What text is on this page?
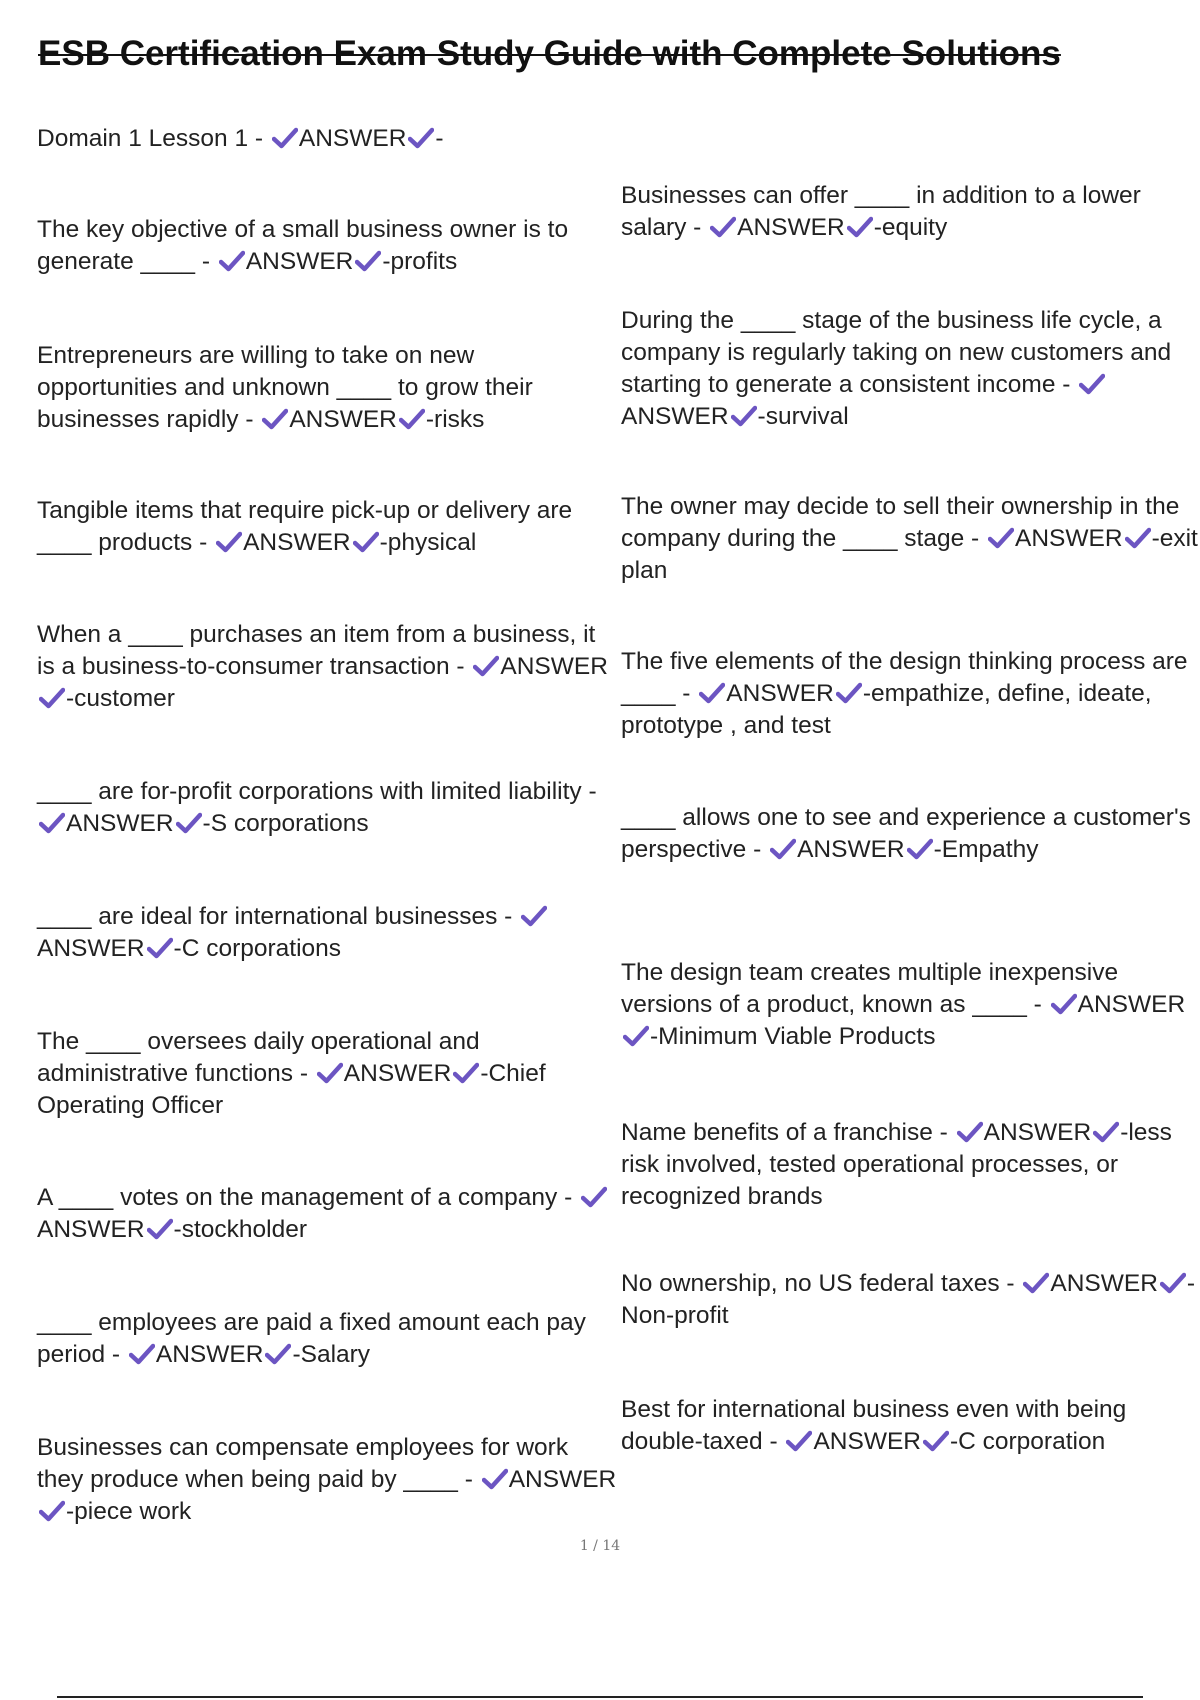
ESB Certification Exam Study Guide with Complete Solutions

Domain 1 Lesson 1 -
ANSWER -

The key objective of a small business owner is to generate ____ -
ANSWER -profits

Entrepreneurs are willing to take on new opportunities and unknown ____ to grow their businesses rapidly -
ANSWER -risks

Tangible items that require pick-up or delivery are ____ products -
ANSWER -physical

When a ____ purchases an item from a business, it is a business-to-consumer transaction -
ANSWER
-customer

____ are for-profit corporations with limited liability -
ANSWER -S corporations

____ are ideal for international businesses -
ANSWER -C corporations

The ____ oversees daily operational and administrative functions -
ANSWER -Chief Operating Officer

A ____ votes on the management of a company -
ANSWER -stockholder

____ employees are paid a fixed amount each pay period -
ANSWER -Salary

Businesses can compensate employees for work they produce when being paid by ____ -
ANSWER
-piece work

Businesses can offer ____ in addition to a lower salary -
ANSWER -equity

During the ____ stage of the business life cycle, a company is regularly taking on new customers and starting to generate a consistent income -
ANSWER -survival

The owner may decide to sell their ownership in the company during the ____ stage -
ANSWER -exit plan

The five elements of the design thinking process are ____ -
ANSWER -empathize, define, ideate, prototype , and test

____ allows one to see and experience a customer's perspective -
ANSWER -Empathy

The design team creates multiple inexpensive versions of a product, known as ____ -
ANSWER
-Minimum Viable Products

Name benefits of a franchise -
ANSWER -less risk involved, tested operational processes, or recognized brands

No ownership, no US federal taxes -
ANSWER -Non-profit

Best for international business even with being double-taxed -
ANSWER -C corporation

1 / 14
